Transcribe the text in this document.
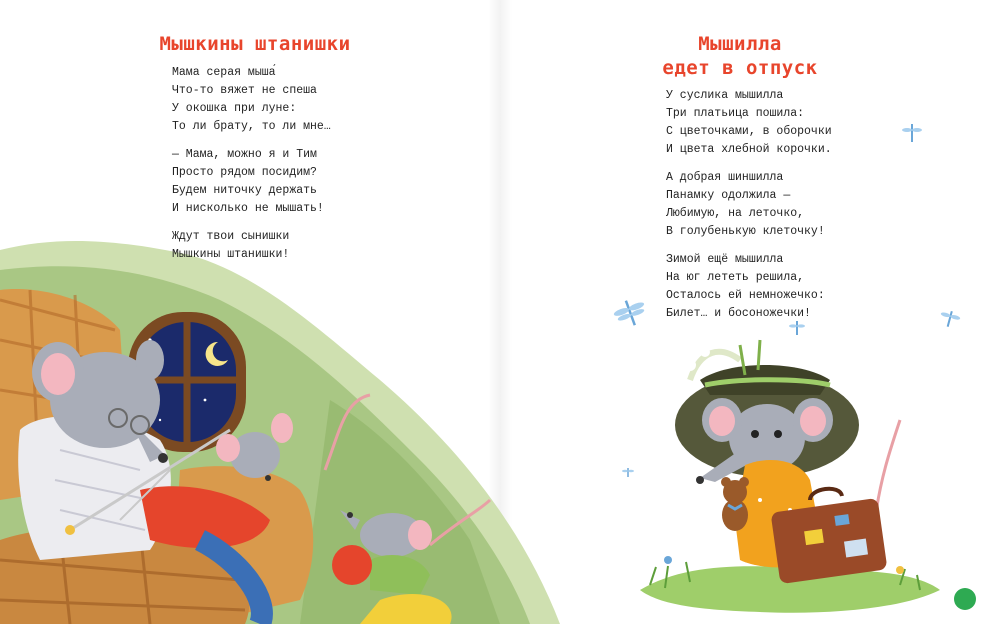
Мышкины штанишки
Мама серая мыша́
Что-то вяжет не спеша
У окошка при луне:
То ли брату, то ли мне…
— Мама, можно я и Тим
Просто рядом посидим?
Будем ниточку держать
И нисколько не мышать!
Ждут твои сынишки
Мышкины штанишки!
Мышилла
едет в отпуск
У суслика мышилла
Три платьица пошила:
С цветочками, в оборочки
И цвета хлебной корочки.
А добрая шиншилла
Панамку одолжила —
Любимую, на леточко,
В голубенькую клеточку!
Зимой ещё мышилла
На юг лететь решила,
Осталось ей немножечко:
Билет… и босоножечки!
